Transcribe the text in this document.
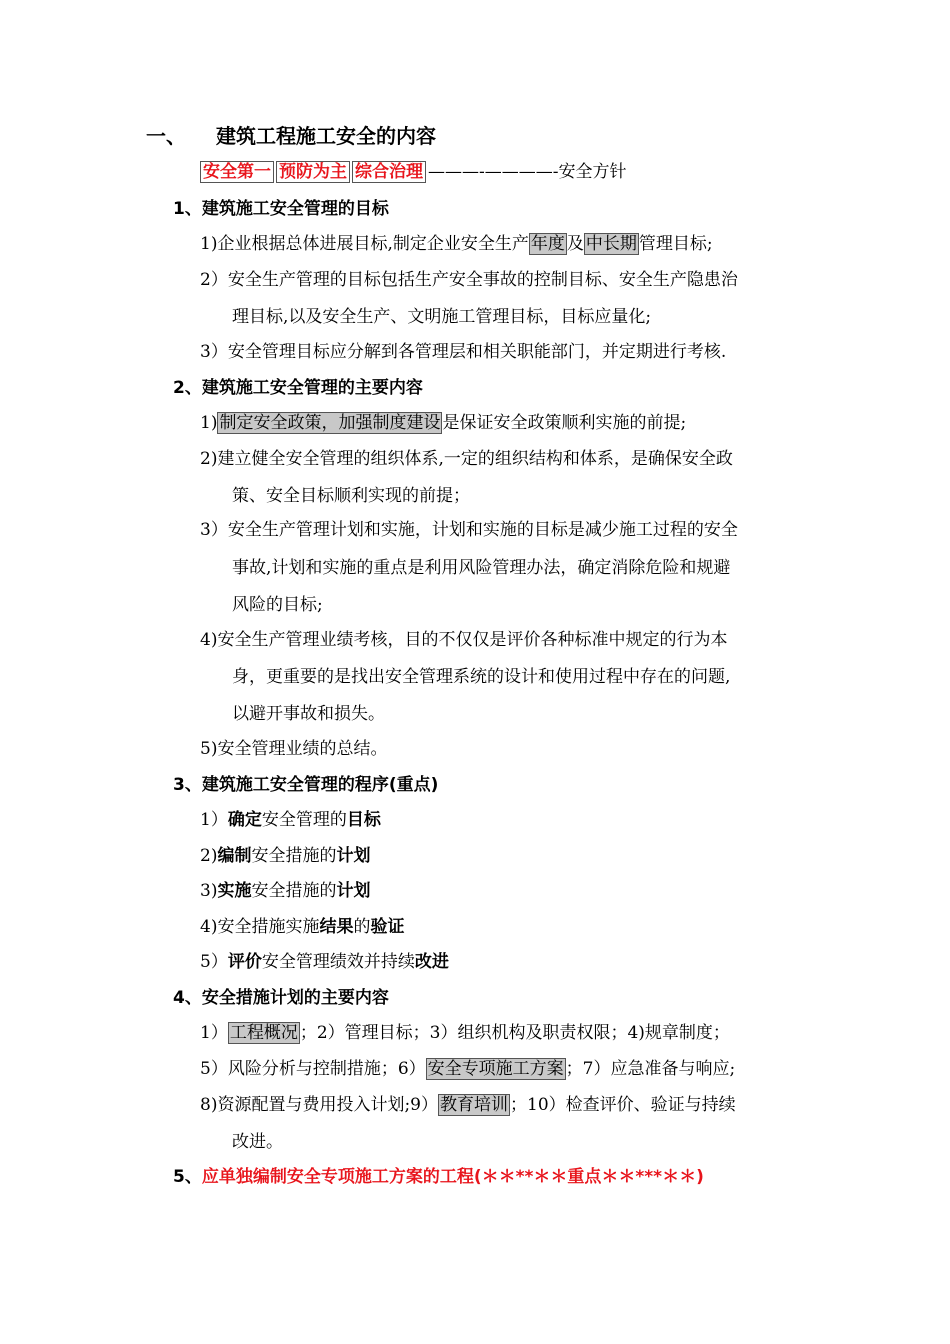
一、 建筑工程施工安全的内容
安全第一 预防为主 综合治理 ———-————-安全方针
1、建筑施工安全管理的目标
1)企业根据总体进展目标,制定企业安全生产 年度 及 中长期 管理目标;
2）安全生产管理的目标包括生产安全事故的控制目标、安全生产隐患治
理目标,以及安全生产、文明施工管理目标，目标应量化;
3）安全管理目标应分解到各管理层和相关职能部门，并定期进行考核.
2、建筑施工安全管理的主要内容
1) 制定安全政策，加强制度建设 是保证安全政策顺利实施的前提;
2)建立健全安全管理的组织体系,一定的组织结构和体系，是确保安全政
策、安全目标顺利实现的前提；
3）安全生产管理计划和实施，计划和实施的目标是减少施工过程的安全
事故,计划和实施的重点是利用风险管理办法，确定消除危险和规避
风险的目标;
4)安全生产管理业绩考核，目的不仅仅是评价各种标准中规定的行为本
身，更重要的是找出安全管理系统的设计和使用过程中存在的问题,
以避开事故和损失。
5)安全管理业绩的总结。
3、建筑施工安全管理的程序(重点)
1）确定安全管理的目标
2)编制安全措施的计划
3)实施安全措施的计划
4)安全措施实施结果的验证
5）评价安全管理绩效并持续改进
4、安全措施计划的主要内容
1） 工程概况 ；2）管理目标；3）组织机构及职责权限；4)规章制度；
5）风险分析与控制措施；6） 安全专项施工方案 ；7）应急准备与响应;
8)资源配置与费用投入计划;9） 教育培训 ；10）检查评价、验证与持续
改进。
5、应单独编制安全专项施工方案的工程(＊＊**＊＊重点＊＊***＊＊)
